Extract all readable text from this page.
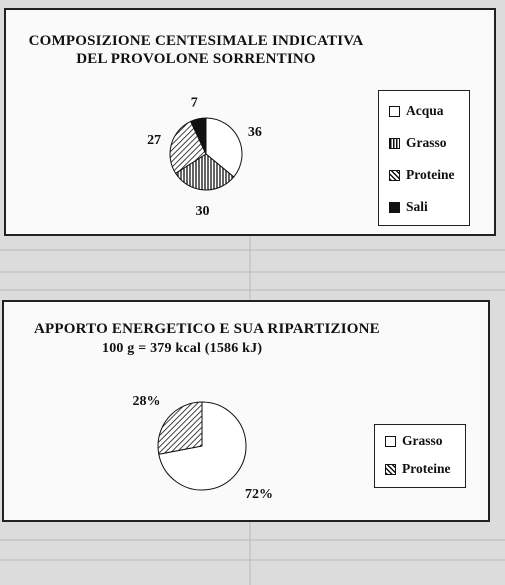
COMPOSIZIONE CENTESIMALE INDICATIVA
DEL PROVOLONE SORRENTINO
36
30
27
7
Acqua
Grasso
Proteine
Sali
APPORTO ENERGETICO E SUA RIPARTIZIONE
100 g = 379 kcal (1586 kJ)
72%
28%
Grasso
Proteine
